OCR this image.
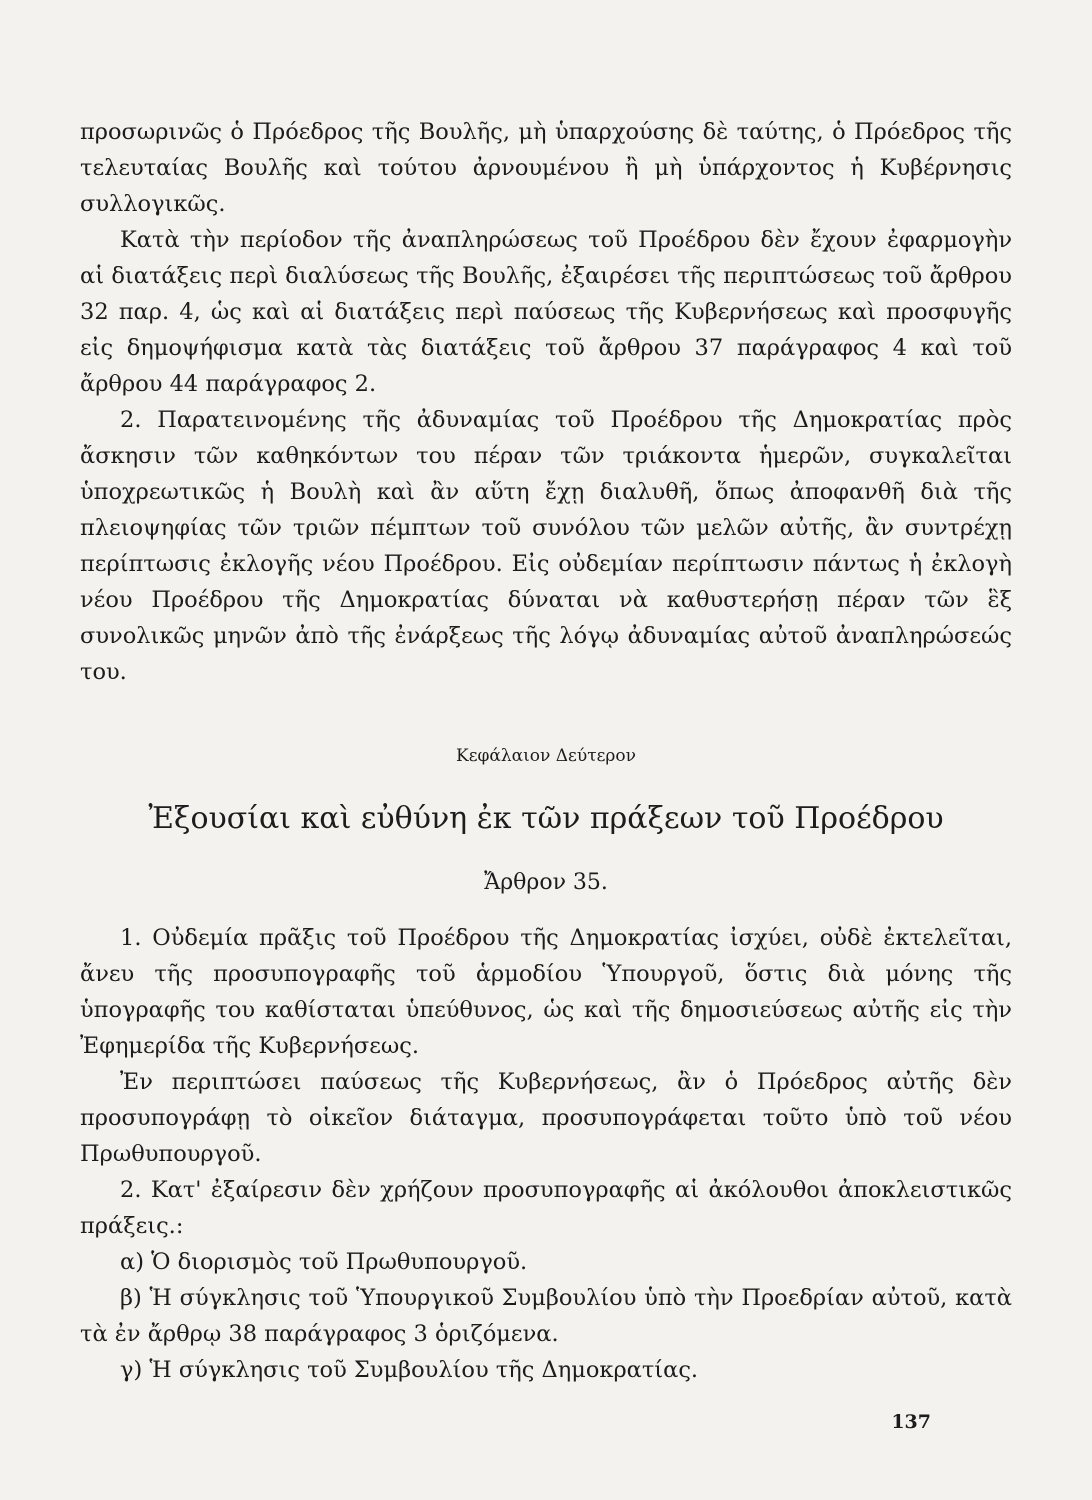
προσωρινῶς ὁ Πρόεδρος τῆς Βουλῆς, μὴ ὑπαρχούσης δὲ ταύτης, ὁ Πρόεδρος τῆς τελευταίας Βουλῆς καὶ τούτου ἀρνουμένου ἢ μὴ ὑπάρχοντος ἡ Κυβέρνησις συλλογικῶς.

Κατὰ τὴν περίοδον τῆς ἀναπληρώσεως τοῦ Προέδρου δὲν ἔχουν ἐφαρμογὴν αἱ διατάξεις περὶ διαλύσεως τῆς Βουλῆς, ἐξαιρέσει τῆς περιπτώσεως τοῦ ἄρθρου 32 παρ. 4, ὡς καὶ αἱ διατάξεις περὶ παύσεως τῆς Κυβερνήσεως καὶ προσφυγῆς εἰς δημοψήφισμα κατὰ τὰς διατάξεις τοῦ ἄρθρου 37 παράγραφος 4 καὶ τοῦ ἄρθρου 44 παράγραφος 2.

2. Παρατεινομένης τῆς ἀδυναμίας τοῦ Προέδρου τῆς Δημοκρατίας πρὸς ἄσκησιν τῶν καθηκόντων του πέραν τῶν τριάκοντα ἡμερῶν, συγκαλεῖται ὑποχρεωτικῶς ἡ Βουλὴ καὶ ἂν αὕτη ἔχῃ διαλυθῆ, ὅπως ἀποφανθῆ διὰ τῆς πλειοψηφίας τῶν τριῶν πέμπτων τοῦ συνόλου τῶν μελῶν αὐτῆς, ἂν συντρέχῃ περίπτωσις ἐκλογῆς νέου Προέδρου. Εἰς οὐδεμίαν περίπτωσιν πάντως ἡ ἐκλογὴ νέου Προέδρου τῆς Δημοκρατίας δύναται νὰ καθυστερήσῃ πέραν τῶν ἓξ συνολικῶς μηνῶν ἀπὸ τῆς ἐνάρξεως τῆς λόγῳ ἀδυναμίας αὐτοῦ ἀναπληρώσεώς του.

Κεφάλαιον Δεύτερον

Ἐξουσίαι καὶ εὐθύνη ἐκ τῶν πράξεων τοῦ Προέδρου

Ἄρθρον 35.

1. Οὐδεμία πρᾶξις τοῦ Προέδρου τῆς Δημοκρατίας ἰσχύει, οὐδὲ ἐκτελεῖται, ἄνευ τῆς προσυπογραφῆς τοῦ ἁρμοδίου Ὑπουργοῦ, ὅστις διὰ μόνης τῆς ὑπογραφῆς του καθίσταται ὑπεύθυνος, ὡς καὶ τῆς δημοσιεύσεως αὐτῆς εἰς τὴν Ἐφημερίδα τῆς Κυβερνήσεως.

Ἐν περιπτώσει παύσεως τῆς Κυβερνήσεως, ἂν ὁ Πρόεδρος αὐτῆς δὲν προσυπογράφῃ τὸ οἰκεῖον διάταγμα, προσυπογράφεται τοῦτο ὑπὸ τοῦ νέου Πρωθυπουργοῦ.

2. Κατ' ἐξαίρεσιν δὲν χρήζουν προσυπογραφῆς αἱ ἀκόλουθοι ἀποκλειστικῶς πράξεις.:

α) Ὁ διορισμὸς τοῦ Πρωθυπουργοῦ.

β) Ἡ σύγκλησις τοῦ Ὑπουργικοῦ Συμβουλίου ὑπὸ τὴν Προεδρίαν αὐτοῦ, κατὰ τὰ ἐν ἄρθρῳ 38 παράγραφος 3 ὁριζόμενα.

γ) Ἡ σύγκλησις τοῦ Συμβουλίου τῆς Δημοκρατίας.

137
